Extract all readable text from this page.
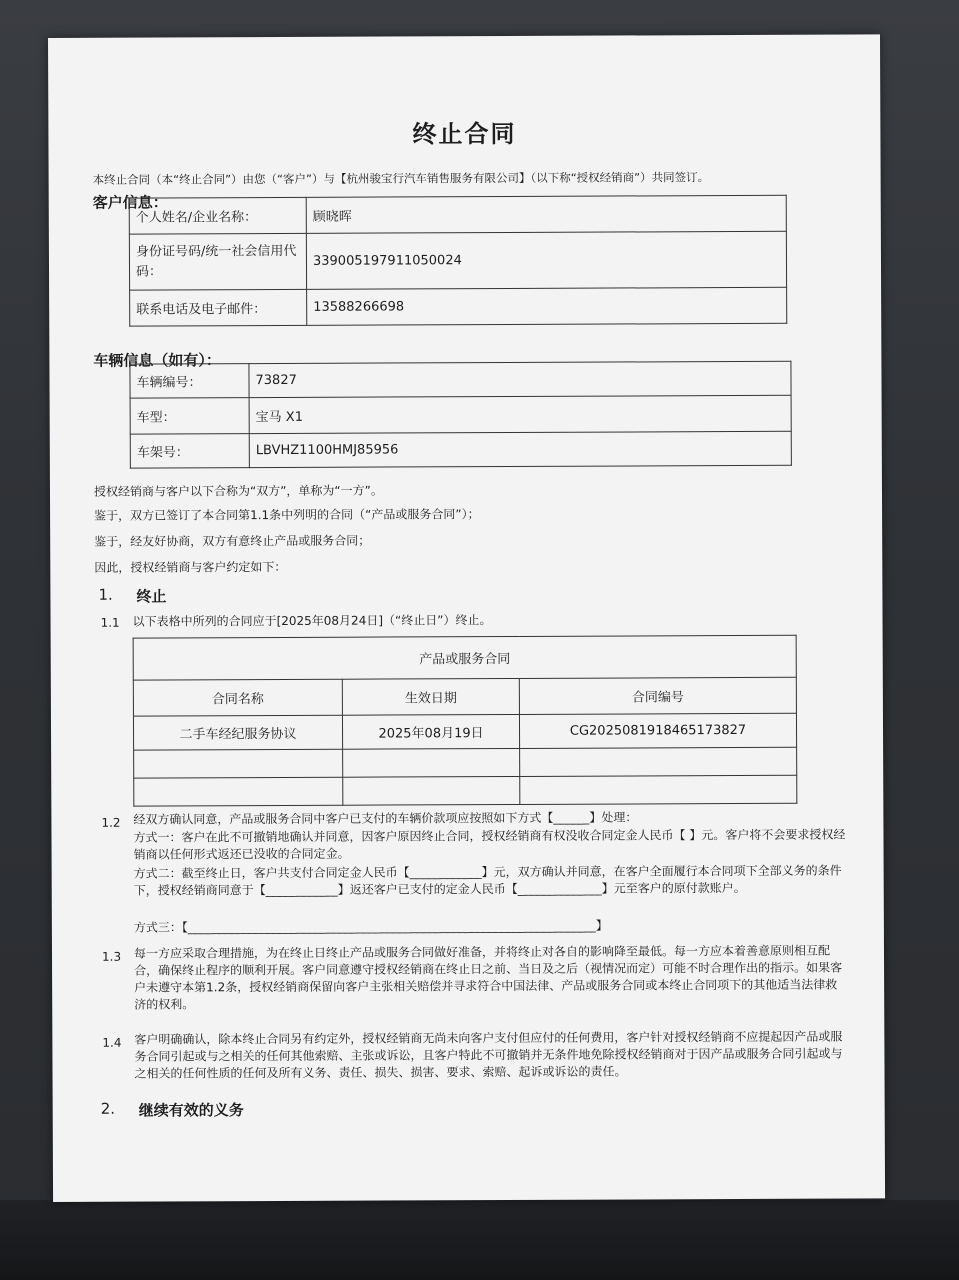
终止合同
本终止合同（本“终止合同”）由您（“客户”）与【杭州骏宝行汽车销售服务有限公司】（以下称“授权经销商”）共同签订。
客户信息：
个人姓名/企业名称：	顾晓晖
身份证号码/统一社会信用代码：	339005197911050024
联系电话及电子邮件：	13588266698
车辆信息（如有）：
车辆编号：	73827
车型：	宝马 X1
车架号：	LBVHZ1100HMJ85956
授权经销商与客户以下合称为“双方”，单称为“一方”。
鉴于，双方已签订了本合同第1.1条中列明的合同（“产品或服务合同”）；
鉴于，经友好协商，双方有意终止产品或服务合同；
因此，授权经销商与客户约定如下：
1. 终止
1.1 以下表格中所列的合同应于[2025年08月24日]（“终止日”）终止。
产品或服务合同		
合同名称	生效日期	合同编号
二手车经纪服务协议	2025年08月19日	CG2025081918465173827

1.2 经双方确认同意，产品或服务合同中客户已支付的车辆价款项应按照如下方式【______】处理：
方式一：客户在此不可撤销地确认并同意，因客户原因终止合同，授权经销商有权没收合同定金人民币【 】元。客户将不会要求授权经销商以任何形式返还已没收的合同定金。
方式二：截至终止日，客户共支付合同定金人民币【____________】元，双方确认并同意，在客户全面履行本合同项下全部义务的条件下，授权经销商同意于【____________】返还客户已支付的定金人民币【______________】元至客户的原付款账户。
方式三：【____________________________________________________________________】
1.3 每一方应采取合理措施，为在终止日终止产品或服务合同做好准备，并将终止对各自的影响降至最低。每一方应本着善意原则相互配合，确保终止程序的顺利开展。客户同意遵守授权经销商在终止日之前、当日及之后（视情况而定）可能不时合理作出的指示。如果客户未遵守本第1.2条，授权经销商保留向客户主张相关赔偿并寻求符合中国法律、产品或服务合同或本终止合同项下的其他适当法律救济的权利。
1.4 客户明确确认，除本终止合同另有约定外，授权经销商无尚未向客户支付但应付的任何费用，客户针对授权经销商不应提起因产品或服务合同引起或与之相关的任何其他索赔、主张或诉讼，且客户特此不可撤销并无条件地免除授权经销商对于因产品或服务合同引起或与之相关的任何性质的任何及所有义务、责任、损失、损害、要求、索赔、起诉或诉讼的责任。
2. 继续有效的义务
